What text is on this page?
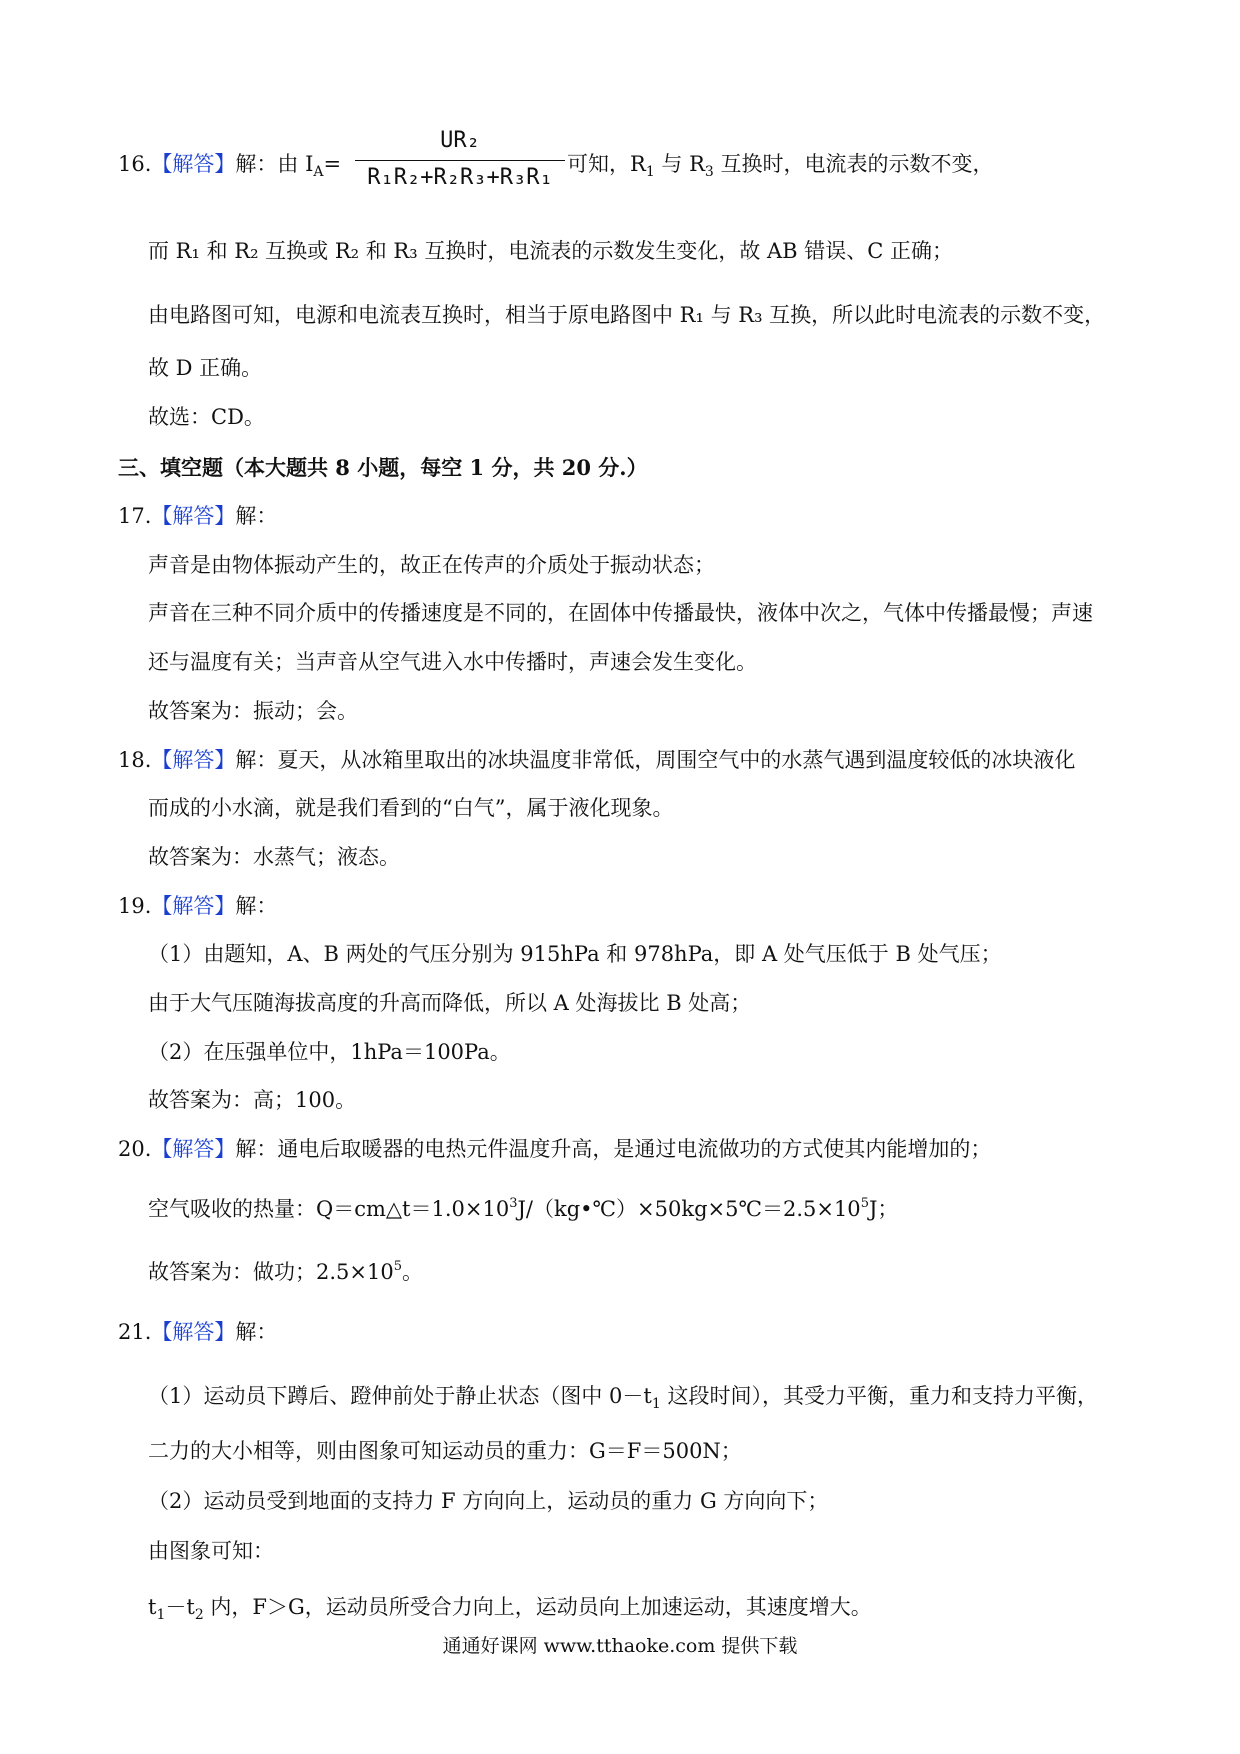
16.【解答】解：由 $I_A=$
UR₂
R₁R₂+R₂R₃+R₃R₁
可知，$R_1$ 与 $R_3$ 互换时，电流表的示数不变，
而 R₁ 和 R₂ 互换或 R₂ 和 R₃ 互换时，电流表的示数发生变化，故 AB 错误、C 正确；
由电路图可知，电源和电流表互换时，相当于原电路图中 R₁ 与 R₃ 互换，所以此时电流表的示数不变，
故 D 正确。
故选：CD。
三、填空题（本大题共 8 小题，每空 1 分，共 20 分.）
17.【解答】解：
声音是由物体振动产生的，故正在传声的介质处于振动状态；
声音在三种不同介质中的传播速度是不同的，在固体中传播最快，液体中次之，气体中传播最慢；声速
还与温度有关；当声音从空气进入水中传播时，声速会发生变化。
故答案为：振动；会。
18.【解答】解：夏天，从冰箱里取出的冰块温度非常低，周围空气中的水蒸气遇到温度较低的冰块液化
而成的小水滴，就是我们看到的“白气”，属于液化现象。
故答案为：水蒸气；液态。
19.【解答】解：
（1）由题知，A、B 两处的气压分别为 915hPa 和 978hPa，即 A 处气压低于 B 处气压；
由于大气压随海拔高度的升高而降低，所以 A 处海拔比 B 处高；
（2）在压强单位中，1hPa＝100Pa。
故答案为：高；100。
20.【解答】解：通电后取暖器的电热元件温度升高，是通过电流做功的方式使其内能增加的；
空气吸收的热量：$Q=cm\triangle t=1.0\times 10^3J/(kg•℃)\times 50kg\times 5℃=2.5\times 10^5J$；
故答案为：做功；$2.5\times 10^5$。
21.【解答】解：
（1）运动员下蹲后、蹬伸前处于静止状态（图中 $0-t_1$ 这段时间），其受力平衡，重力和支持力平衡，
二力的大小相等，则由图象可知运动员的重力：G＝F＝500N；
（2）运动员受到地面的支持力 F 方向向上，运动员的重力 G 方向向下；
由图象可知：
$t_1-t_2$ 内，F＞G，运动员所受合力向上，运动员向上加速运动，其速度增大。
通通好课网 www.tthaoke.com 提供下载
